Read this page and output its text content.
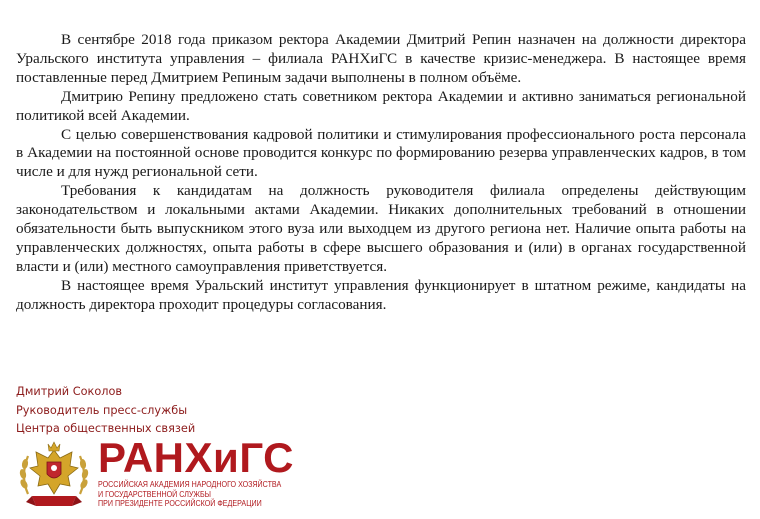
В сентябре 2018 года приказом ректора Академии Дмитрий Репин назначен на должности директора Уральского института управления – филиала РАНХиГС в качестве кризис-менеджера. В настоящее время поставленные перед Дмитрием Репиным задачи выполнены в полном объёме.

Дмитрию Репину предложено стать советником ректора Академии и активно заниматься региональной политикой всей Академии.

С целью совершенствования кадровой политики и стимулирования профессионального роста персонала в Академии на постоянной основе проводится конкурс по формированию резерва управленческих кадров, в том числе и для нужд региональной сети.

Требования к кандидатам на должность руководителя филиала определены действующим законодательством и локальными актами Академии. Никаких дополнительных требований в отношении обязательности быть выпускником этого вуза или выходцем из другого региона нет. Наличие опыта работы на управленческих должностях, опыта работы в сфере высшего образования и (или) в органах государственной власти и (или) местного самоуправления приветствуется.

В настоящее время Уральский институт управления функционирует в штатном режиме, кандидаты на должность директора проходит процедуры согласования.

Дмитрий Соколов
Руководитель пресс-службы
Центра общественных связей
РАНХиГС
РОССИЙСКАЯ АКАДЕМИЯ НАРОДНОГО ХОЗЯЙСТВА
И ГОСУДАРСТВЕННОЙ СЛУЖБЫ
ПРИ ПРЕЗИДЕНТЕ РОССИЙСКОЙ ФЕДЕРАЦИИ
